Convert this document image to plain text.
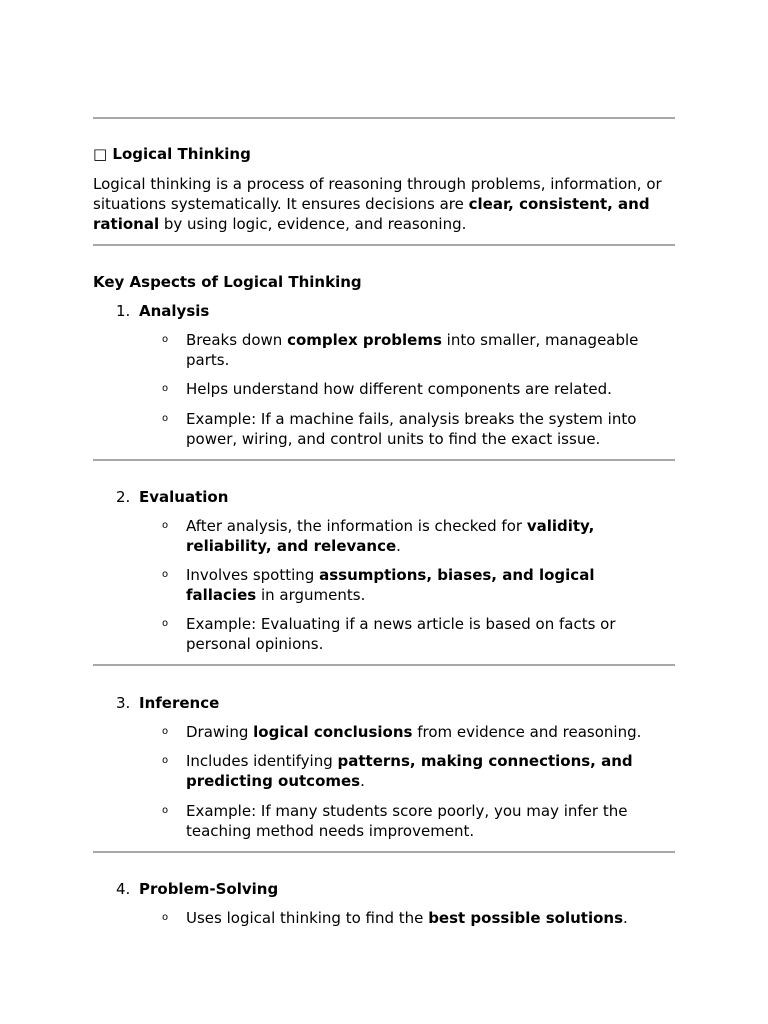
□ Logical Thinking
Logical thinking is a process of reasoning through problems, information, or situations systematically. It ensures decisions are clear, consistent, and rational by using logic, evidence, and reasoning.
Key Aspects of Logical Thinking
1. Analysis
o Breaks down complex problems into smaller, manageable parts.
o Helps understand how different components are related.
o Example: If a machine fails, analysis breaks the system into power, wiring, and control units to find the exact issue.
2. Evaluation
o After analysis, the information is checked for validity, reliability, and relevance.
o Involves spotting assumptions, biases, and logical fallacies in arguments.
o Example: Evaluating if a news article is based on facts or personal opinions.
3. Inference
o Drawing logical conclusions from evidence and reasoning.
o Includes identifying patterns, making connections, and predicting outcomes.
o Example: If many students score poorly, you may infer the teaching method needs improvement.
4. Problem-Solving
o Uses logical thinking to find the best possible solutions.
